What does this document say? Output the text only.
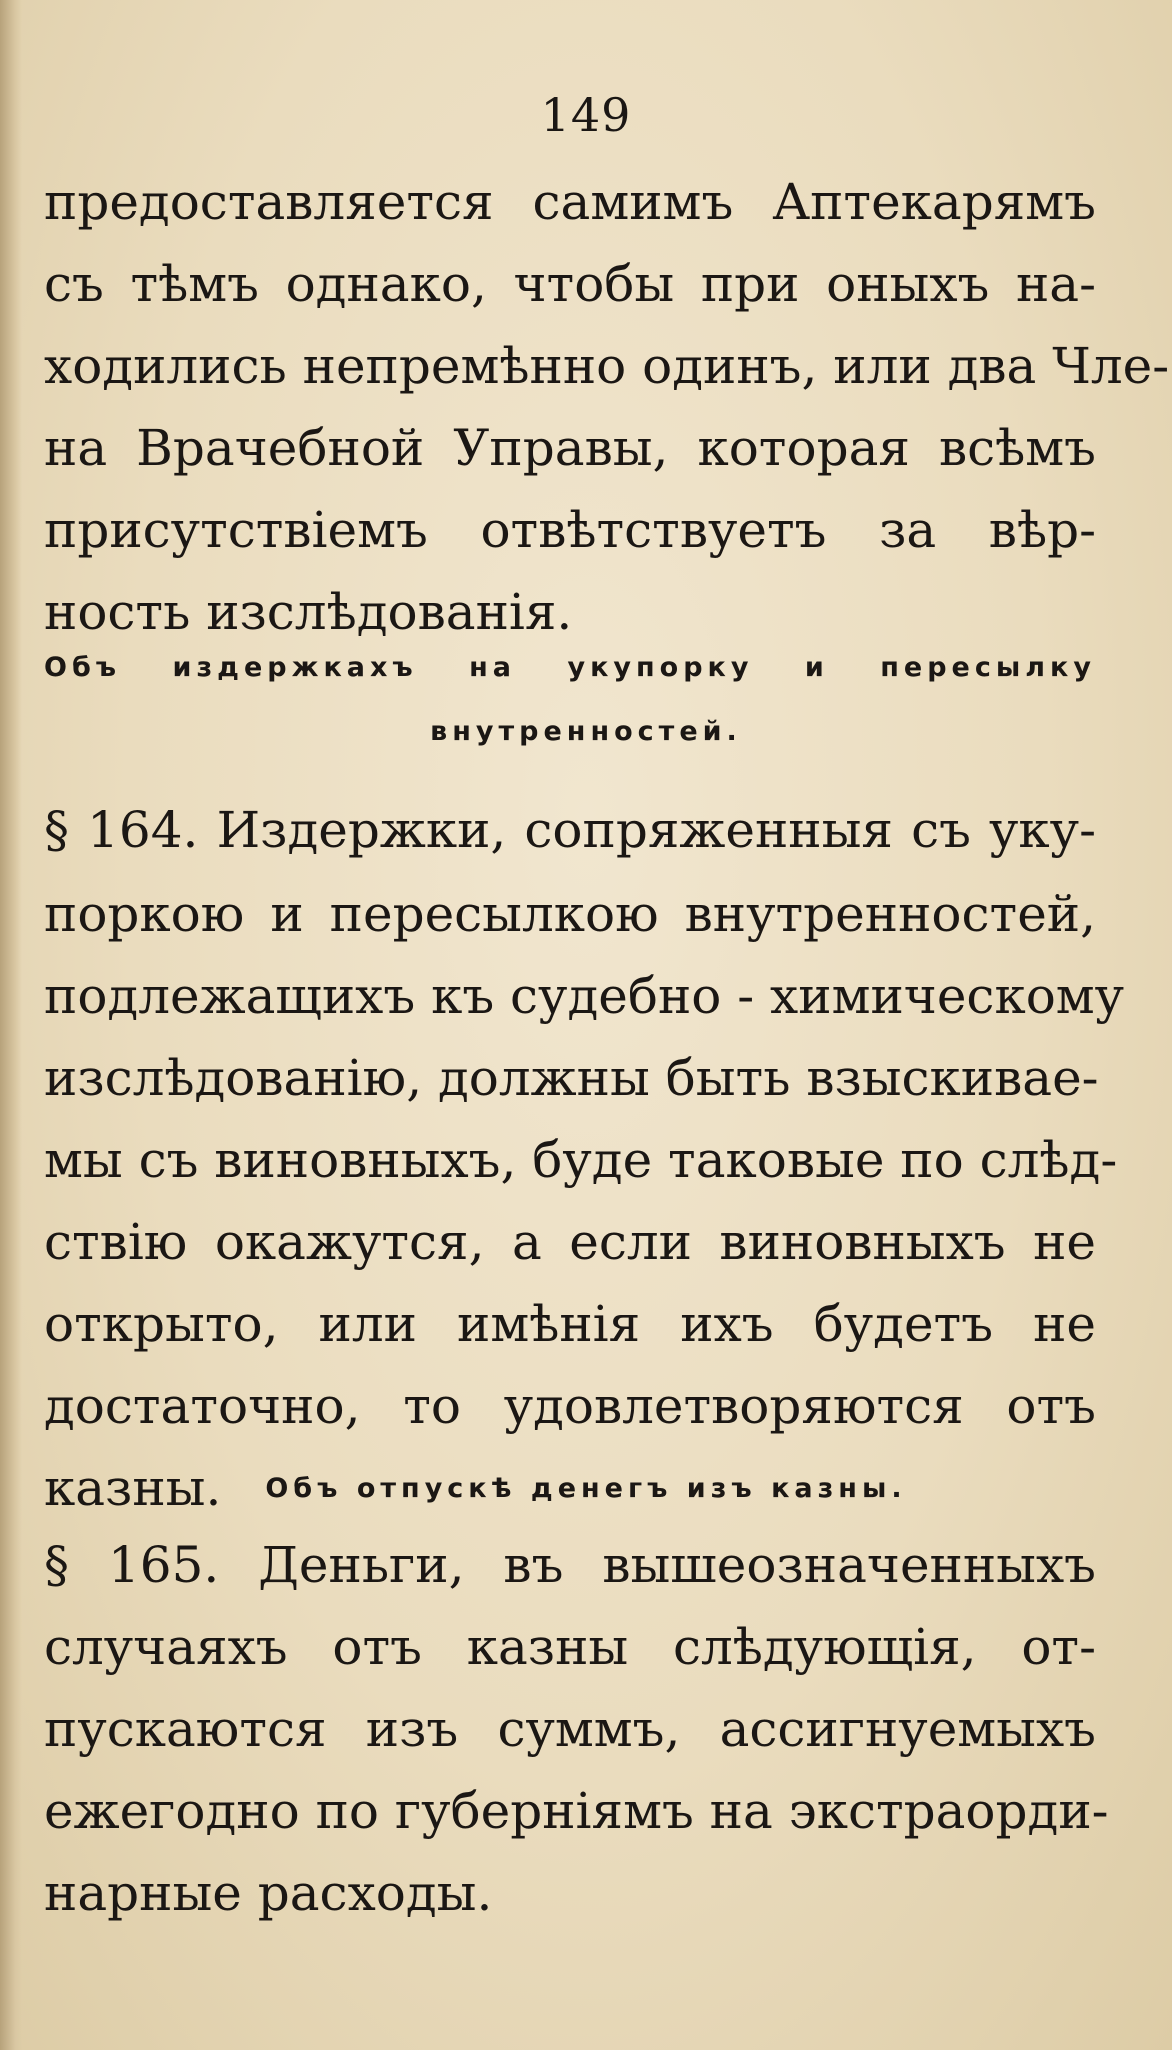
149
предоставляется самимъ Аптекарямъ
съ тѣмъ однако, чтобы при оныхъ на-
ходились непремѣнно одинъ, или два Чле-
на Врачебной Управы, которая всѣмъ
присутствіемъ отвѣтствуетъ за вѣр-
ность изслѣдованія.
Объ издержкахъ на укупорку и пересылку
внутренностей.
§ 164. Издержки, сопряженныя съ уку-
поркою и пересылкою внутренностей,
подлежащихъ къ судебно - химическому
изслѣдованію, должны быть взыскивае-
мы съ виновныхъ, буде таковые по слѣд-
ствію окажутся, а если виновныхъ не
открыто, или имѣнія ихъ будетъ не
достаточно, то удовлетворяются отъ
казны.	Объ отпускѣ денегъ изъ казны.
§ 165. Деньги, въ вышеозначенныхъ
случаяхъ отъ казны слѣдующія, от-
пускаются изъ суммъ, ассигнуемыхъ
ежегодно по губерніямъ на экстраорди-
нарные расходы.
